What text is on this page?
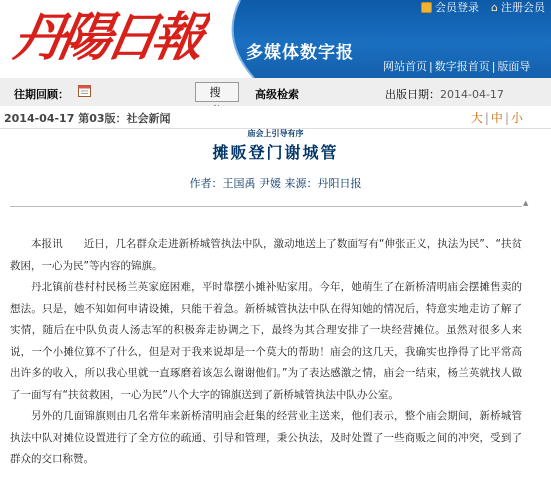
丹陽日報	多媒体数字报
会员登录 ⌂ 注册会员
网站首页 | 数字报首页 | 版面导
往期回顾：	搜	高级检索	出版日期：2014-04-17
2014-04-17 第03版：社会新闻	大 | 中 | 小
庙会上引导有序
摊贩登门谢城管
作者：王国禹 尹媛 来源：丹阳日报
▲

本报讯　　近日，几名群众走进新桥城管执法中队，激动地送上了数面写有“伸张正义，执法为民”、“扶贫救困，一心为民”等内容的锦旗。

丹北镇前巷村村民杨兰英家庭困难，平时靠摆小摊补贴家用。今年，她萌生了在新桥清明庙会摆摊售卖的想法。只是，她不知如何申请设摊，只能干着急。新桥城管执法中队在得知她的情况后，特意实地走访了解了实情，随后在中队负责人汤志军的积极奔走协调之下，最终为其合理安排了一块经营摊位。虽然对很多人来说，一个小摊位算不了什么，但是对于我来说却是一个莫大的帮助！庙会的这几天，我确实也挣得了比平常高出许多的收入，所以我心里就一直琢磨着该怎么谢谢他们。”为了表达感激之情，庙会一结束，杨兰英就找人做了一面写有“扶贫救困，一心为民”八个大字的锦旗送到了新桥城管执法中队办公室。

另外的几面锦旗则由几名常年来新桥清明庙会赶集的经营业主送来，他们表示，整个庙会期间，新桥城管执法中队对摊位设置进行了全方位的疏通、引导和管理，秉公执法，及时处置了一些商贩之间的冲突，受到了群众的交口称赞。
